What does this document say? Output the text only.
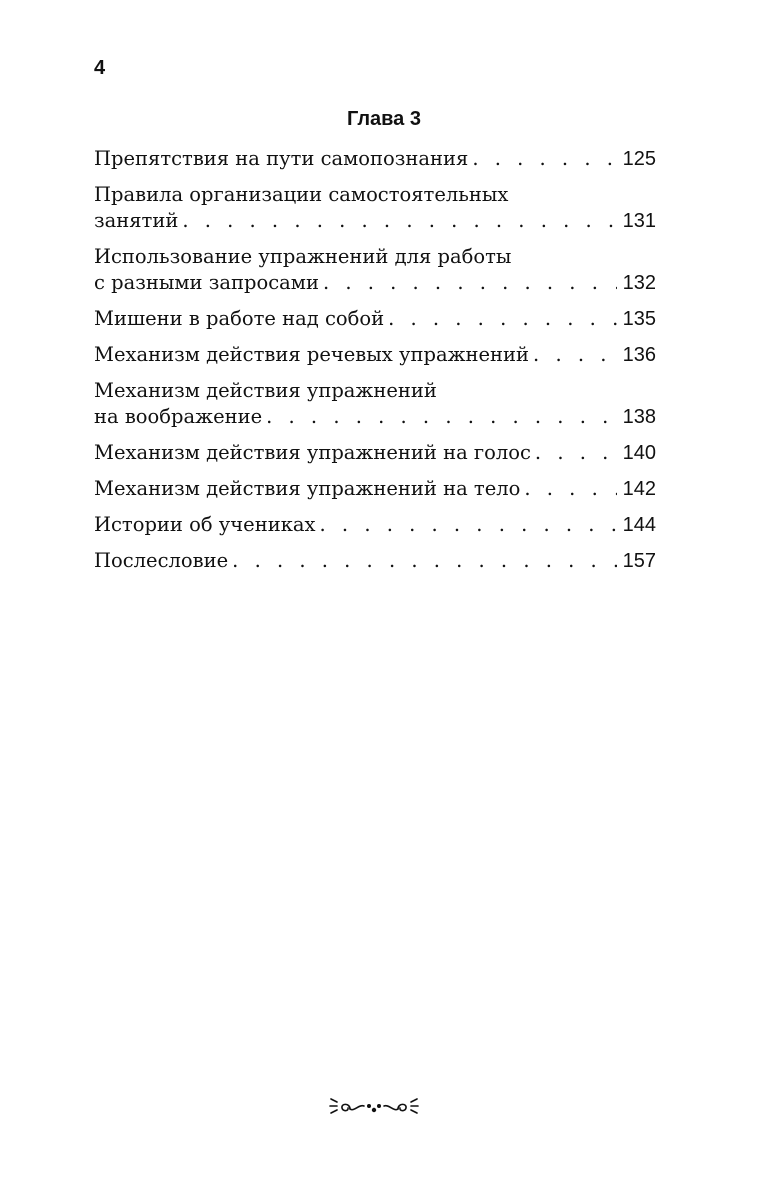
4
Глава 3
Препятствия на пути самопознания . . .	125
Правила организации самостоятельных
занятий . . .	131
Использование упражнений для работы
с разными запросами . . .	132
Мишени в работе над собой . . .	135
Механизм действия речевых упражнений . . .	136
Механизм действия упражнений
на воображение . . .	138
Механизм действия упражнений на голос . . .	140
Механизм действия упражнений на тело . . .	142
Истории об учениках . . .	144
Послесловие . . .	157
